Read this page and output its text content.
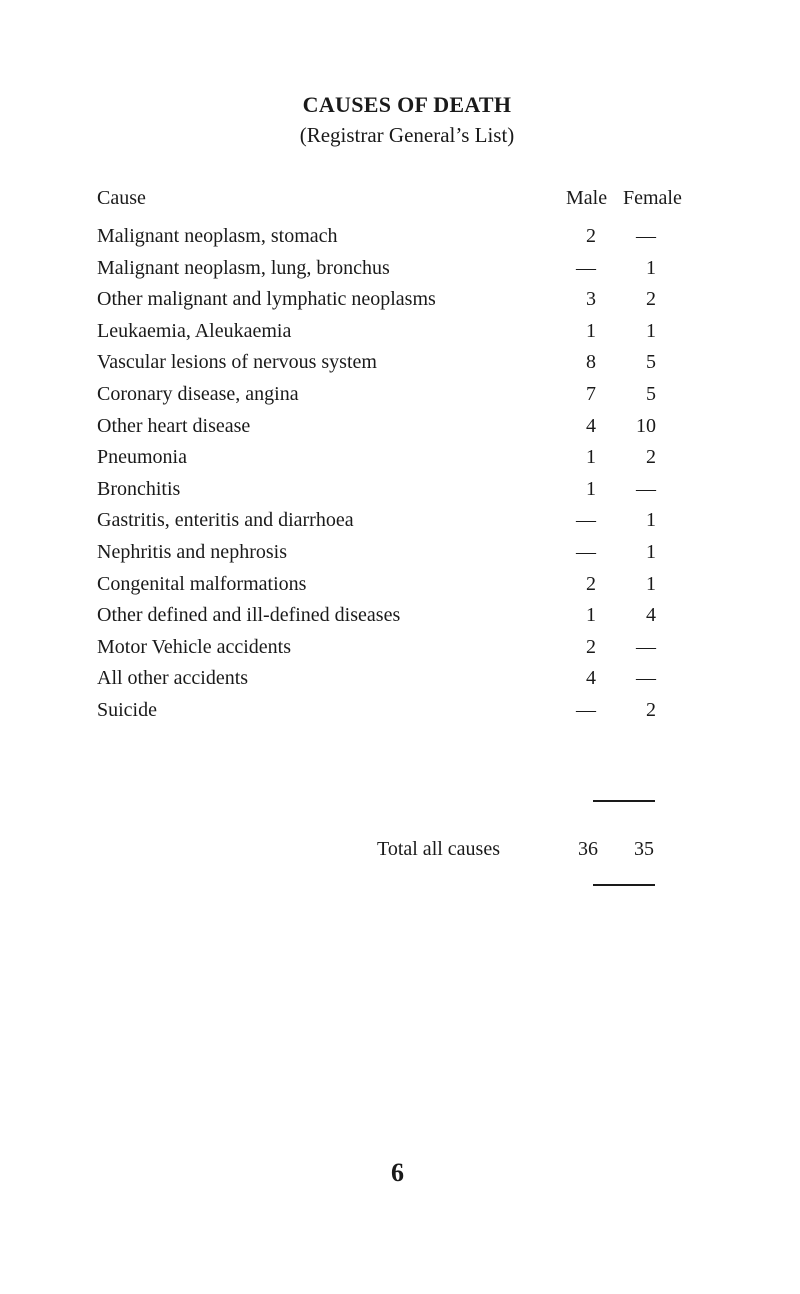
CAUSES OF DEATH
(Registrar General’s List)
Cause	Male Female
Malignant neoplasm, stomach	2	—
Malignant neoplasm, lung, bronchus	—	1
Other malignant and lymphatic neoplasms	3	2
Leukaemia, Aleukaemia	1	1
Vascular lesions of nervous system	8	5
Coronary disease, angina	7	5
Other heart disease	4	10
Pneumonia	1	2
Bronchitis	1	—
Gastritis, enteritis and diarrhoea	—	1
Nephritis and nephrosis	—	1
Congenital malformations	2	1
Other defined and ill-defined diseases	1	4
Motor Vehicle accidents	2	—
All other accidents	4	—
Suicide	—	2
Total all causes	36	35
6
